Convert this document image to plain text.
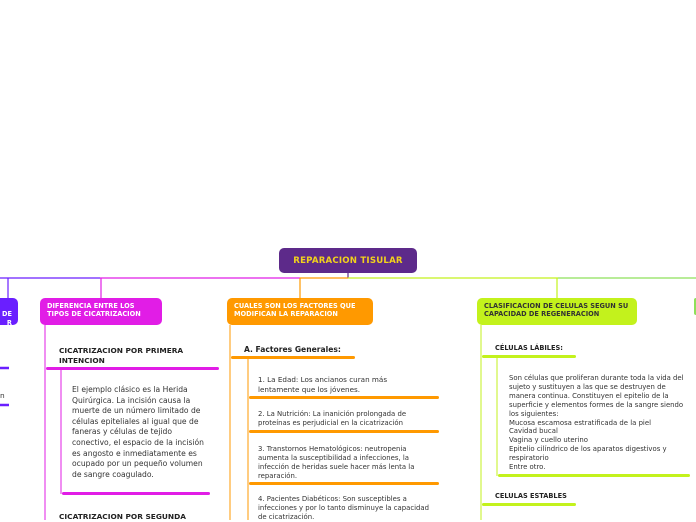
REPARACION TISULAR

DE
R

n
DIFERENCIA ENTRE LOS TIPOS DE CICATRIZACION
CICATRIZACION POR PRIMERA INTENCION
El ejemplo clásico es la Herida Quirúrgica. La incisión causa la muerte de un número limitado de células epiteliales al igual que de faneras y células de tejido conectivo, el espacio de la incisión es angosto e inmediatamente es ocupado por un pequeño volumen de sangre coagulado.
CICATRIZACION POR SEGUNDA
CUALES SON LOS FACTORES QUE MODIFICAN LA REPARACION
A. Factores Generales:
1. La Edad: Los ancianos curan más lentamente que los jóvenes.
2. La Nutrición: La inanición prolongada de proteínas es perjudicial en la cicatrización
3. Transtornos Hematológicos: neutropenia aumenta la susceptibilidad a infecciones, la infección de heridas suele hacer más lenta la reparación.
4. Pacientes Diabéticos: Son susceptibles a infecciones y por lo tanto disminuye la capacidad de cicatrización.
CLASIFICACION DE CELULAS SEGUN SU CAPACIDAD DE REGENERACION
CÉLULAS LÁBILES:
Son células que proliferan durante toda la vida del sujeto y sustituyen a las que se destruyen de manera continua. Constituyen el epitelio de la superficie y elementos formes de la sangre siendo los siguientes:
Mucosa escamosa estratificada de la piel
Cavidad bucal
Vagina y cuello uterino
Epitelio cilíndrico de los aparatos digestivos y respiratorio
Entre otro.
CELULAS ESTABLES
